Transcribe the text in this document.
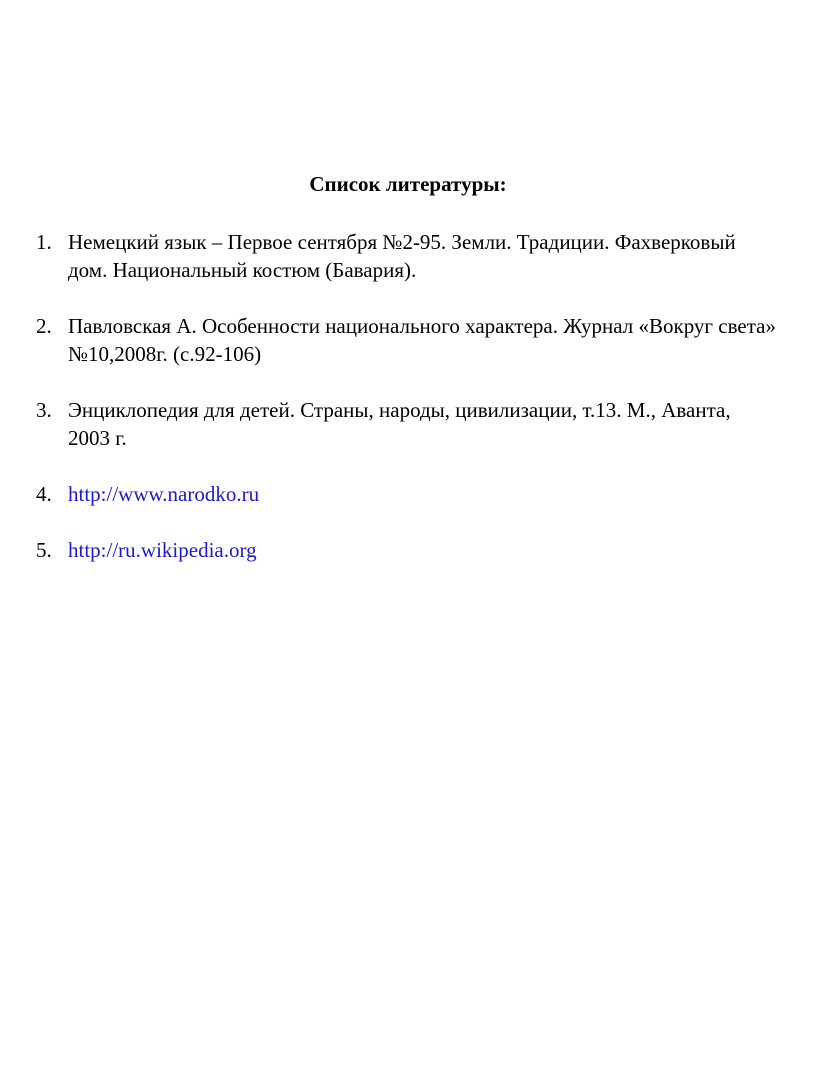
Список литературы:
1. Немецкий язык – Первое сентября №2-95. Земли. Традиции. Фахверковый дом. Национальный костюм (Бавария).
2. Павловская А. Особенности национального характера. Журнал «Вокруг света» №10,2008г. (с.92-106)
3. Энциклопедия для детей. Страны, народы, цивилизации, т.13. М., Аванта, 2003 г.
4. http://www.narodko.ru
5. http://ru.wikipedia.org
